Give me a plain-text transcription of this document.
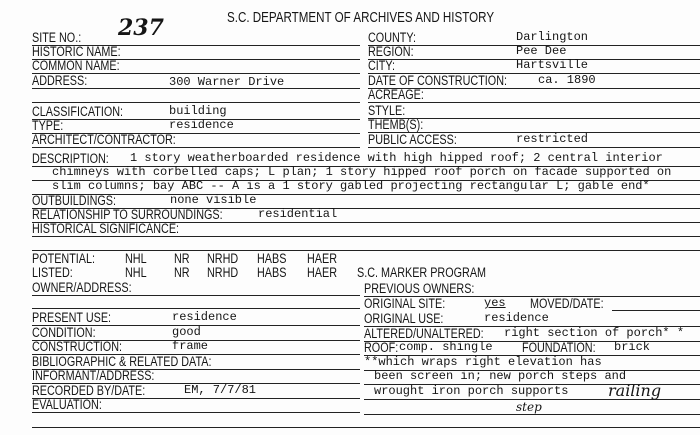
S.C. DEPARTMENT OF ARCHIVES AND HISTORY
237
SITE NO.:
HISTORIC NAME:
COMMON NAME:
ADDRESS:	300 Warner Drive
CLASSIFICATION:	building
TYPE:	residence
ARCHITECT/CONTRACTOR:
COUNTY:	Darlington
REGION:	Pee Dee
CITY:	Hartsville
DATE OF CONSTRUCTION:	ca. 1890
ACREAGE:
STYLE:
THEMB(S):
PUBLIC ACCESS:	restricted
DESCRIPTION: 1 story weatherboarded residence with high hipped roof; 2 central interior
chimneys with corbelled caps; L plan; 1 story hipped roof porch on facade supported on
slim columns; bay ABC -- A is a 1 story gabled projecting rectangular L; gable end*
OUTBUILDINGS:	none visible
RELATIONSHIP TO SURROUNDINGS:	residential
HISTORICAL SIGNIFICANCE:
POTENTIAL: NHL NR NRHD HABS HAER
LISTED:	NHL NR NRHD HABS HAER S.C. MARKER PROGRAM
OWNER/ADDRESS:
PRESENT USE:	residence
CONDITION:	good
CONSTRUCTION:	frame
BIBLIOGRAPHIC & RELATED DATA:
INFORMANT/ADDRESS:
RECORDED BY/DATE:	EM, 7/7/81
EVALUATION:
PREVIOUS OWNERS:
ORIGINAL SITE:	yes MOVED/DATE:
ORIGINAL USE:	residence
ALTERED/UNALTERED: right section of porch* *
ROOF: comp. shingle FOUNDATION: brick
**which wraps right elevation has
been screen in; new porch steps and
wrought iron porch supports railing
step
